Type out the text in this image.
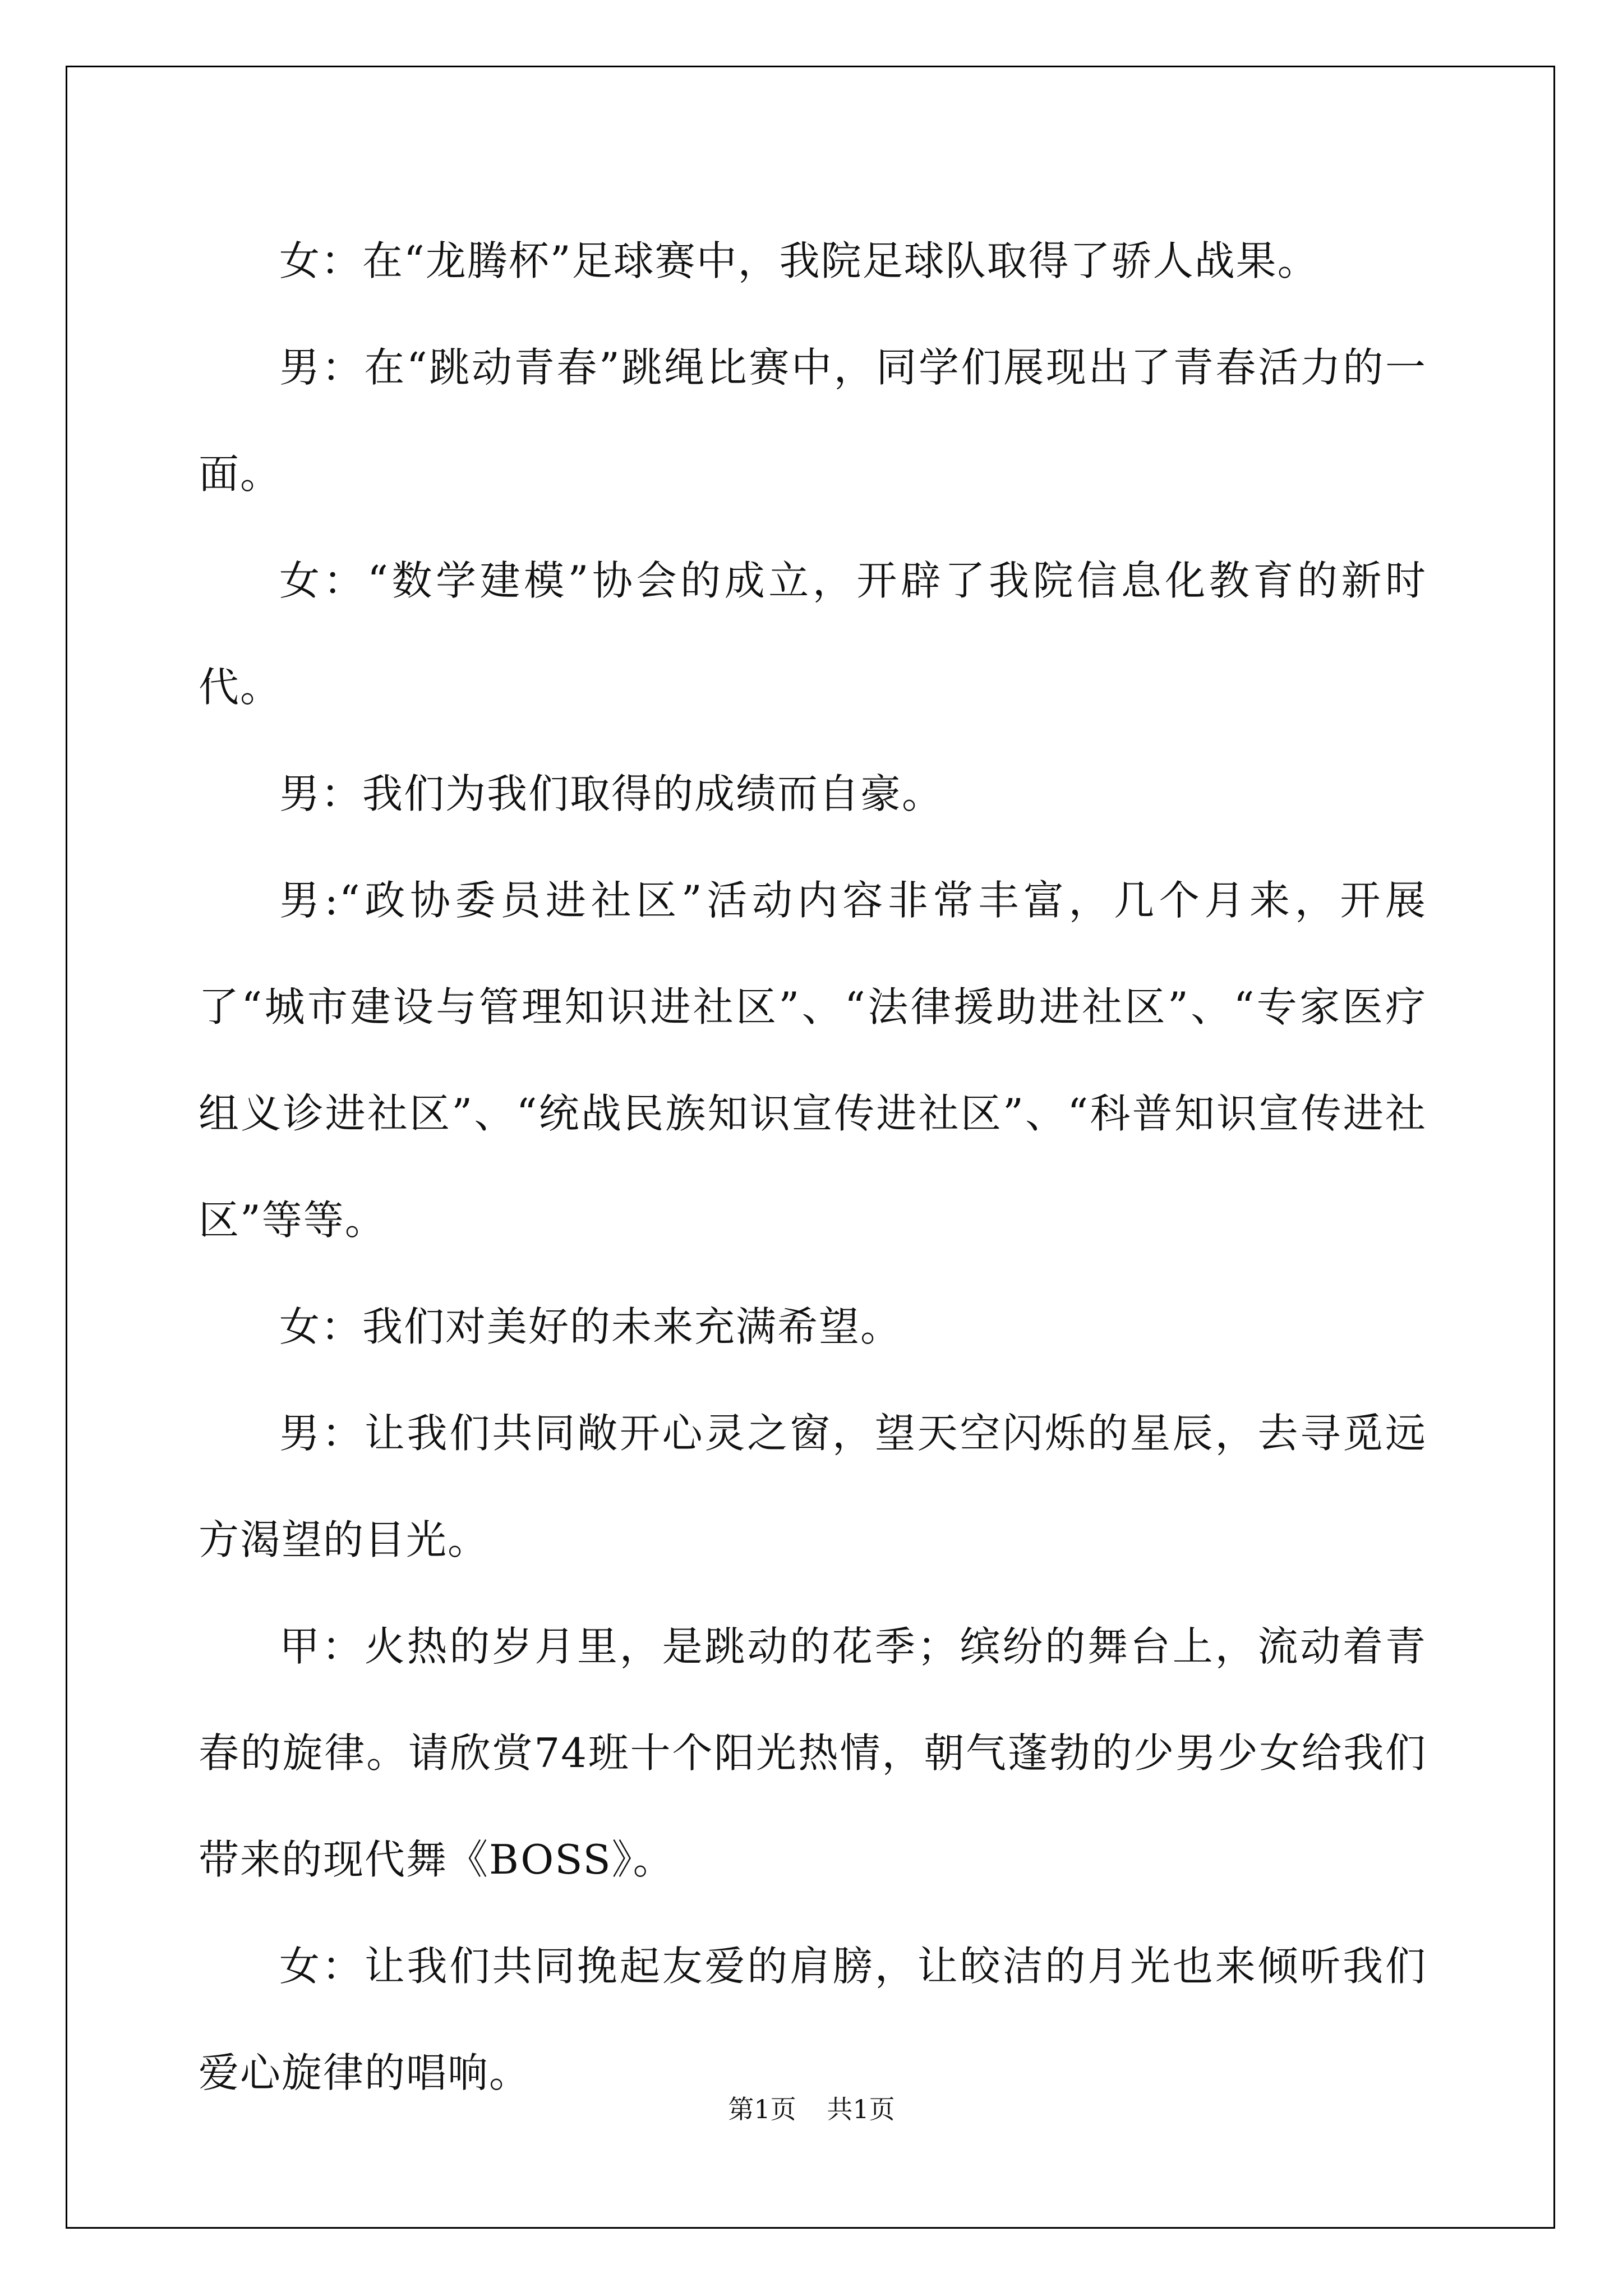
女：在“龙腾杯”足球赛中，我院足球队取得了骄人战果。

男：在“跳动青春”跳绳比赛中，同学们展现出了青春活力的一面。

女：“数学建模”协会的成立，开辟了我院信息化教育的新时代。

男：我们为我们取得的成绩而自豪。

男:“政协委员进社区”活动内容非常丰富，几个月来，开展了“城市建设与管理知识进社区”、“法律援助进社区”、“专家医疗组义诊进社区”、“统战民族知识宣传进社区”、“科普知识宣传进社区”等等。

女：我们对美好的未来充满希望。

男：让我们共同敞开心灵之窗，望天空闪烁的星辰，去寻觅远方渴望的目光。

甲：火热的岁月里，是跳动的花季；缤纷的舞台上，流动着青春的旋律。请欣赏74班十个阳光热情，朝气蓬勃的少男少女给我们带来的现代舞《BOSS》。

女：让我们共同挽起友爱的肩膀，让皎洁的月光也来倾听我们爱心旋律的唱响。

第1页 共1页
